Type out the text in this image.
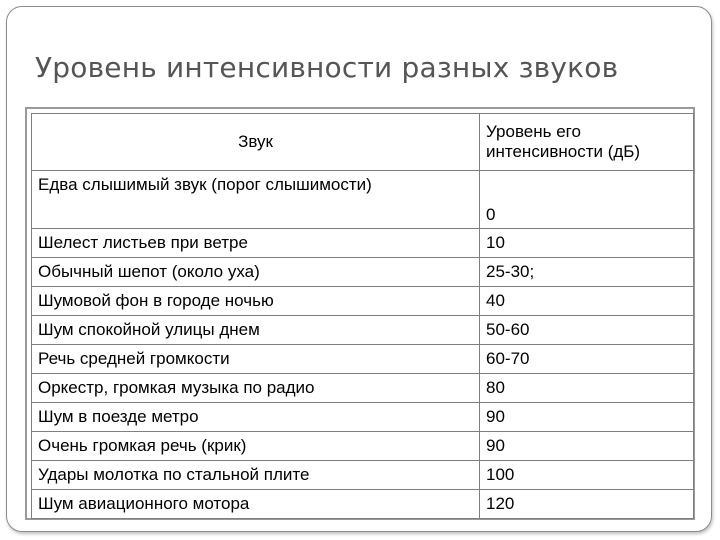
Уровень интенсивности разных звуков
Звук	Уровень его интенсивности (дБ)
Едва слышимый звук (порог слышимости)	0
Шелест листьев при ветре	10
Обычный шепот (около уха)	25-30;
Шумовой фон в городе ночью	40
Шум спокойной улицы днем	50-60
Речь средней громкости	60-70
Оркестр, громкая музыка по радио	80
Шум в поезде метро	90
Очень громкая речь (крик)	90
Удары молотка по стальной плите	100
Шум авиационного мотора	120
